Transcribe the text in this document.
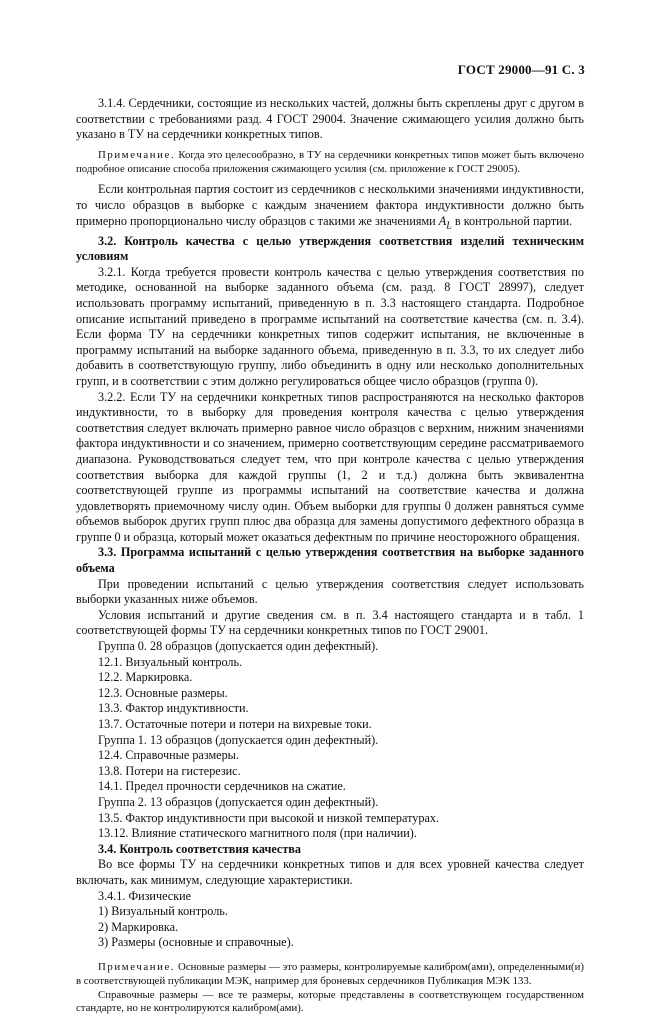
ГОСТ 29000—91 С. 3

3.1.4. Сердечники, состоящие из нескольких частей, должны быть скреплены друг с другом в соответствии с требованиями разд. 4 ГОСТ 29004. Значение сжимающего усилия должно быть указано в ТУ на сердечники конкретных типов.

Примечание. Когда это целесообразно, в ТУ на сердечники конкретных типов может быть включено подробное описание способа приложения сжимающего усилия (см. приложение к ГОСТ 29005).

Если контрольная партия состоит из сердечников с несколькими значениями индуктивности, то число образцов в выборке с каждым значением фактора индуктивности должно быть примерно пропорционально числу образцов с такими же значениями $A_L$ в контрольной партии.

3.2. Контроль качества с целью утверждения соответствия изделий техническим условиям

3.2.1. Когда требуется провести контроль качества с целью утверждения соответствия по методике, основанной на выборке заданного объема (см. разд. 8 ГОСТ 28997), следует использовать программу испытаний, приведенную в п. 3.3 настоящего стандарта. Подробное описание испытаний приведено в программе испытаний на соответствие качества (см. п. 3.4). Если форма ТУ на сердечники конкретных типов содержит испытания, не включенные в программу испытаний на выборке заданного объема, приведенную в п. 3.3, то их следует либо добавить в соответствующую группу, либо объединить в одну или несколько дополнительных групп, и в соответствии с этим должно регулироваться общее число образцов (группа 0).

3.2.2. Если ТУ на сердечники конкретных типов распространяются на несколько факторов индуктивности, то в выборку для проведения контроля качества с целью утверждения соответствия следует включать примерно равное число образцов с верхним, нижним значениями фактора индуктивности и со значением, примерно соответствующим середине рассматриваемого диапазона. Руководствоваться следует тем, что при контроле качества с целью утверждения соответствия выборка для каждой группы (1, 2 и т.д.) должна быть эквивалентна соответствующей группе из программы испытаний на соответствие качества и должна удовлетворять приемочному числу один. Объем выборки для группы 0 должен равняться сумме объемов выборок других групп плюс два образца для замены допустимого дефектного образца в группе 0 и образца, который может оказаться дефектным по причине неосторожного обращения.

3.3. Программа испытаний с целью утверждения соответствия на выборке заданного объема

При проведении испытаний с целью утверждения соответствия следует использовать выборки указанных ниже объемов.

Условия испытаний и другие сведения см. в п. 3.4 настоящего стандарта и в табл. 1 соответствующей формы ТУ на сердечники конкретных типов по ГОСТ 29001.

Группа 0. 28 образцов (допускается один дефектный).

12.1. Визуальный контроль.

12.2. Маркировка.

12.3. Основные размеры.

13.3. Фактор индуктивности.

13.7. Остаточные потери и потери на вихревые токи.

Группа 1. 13 образцов (допускается один дефектный).

12.4. Справочные размеры.

13.8. Потери на гистерезис.

14.1. Предел прочности сердечников на сжатие.

Группа 2. 13 образцов (допускается один дефектный).

13.5. Фактор индуктивности при высокой и низкой температурах.

13.12. Влияние статического магнитного поля (при наличии).

3.4. Контроль соответствия качества

Во все формы ТУ на сердечники конкретных типов и для всех уровней качества следует включать, как минимум, следующие характеристики.

3.4.1. Физические

1) Визуальный контроль.

2) Маркировка.

3) Размеры (основные и справочные).

Примечание. Основные размеры — это размеры, контролируемые калибром(ами), определенными(и) в соответствующей публикации МЭК, например для броневых сердечников Публикация МЭК 133.

Справочные размеры — все те размеры, которые представлены в соответствующем государственном стандарте, но не контролируются калибром(ами).
